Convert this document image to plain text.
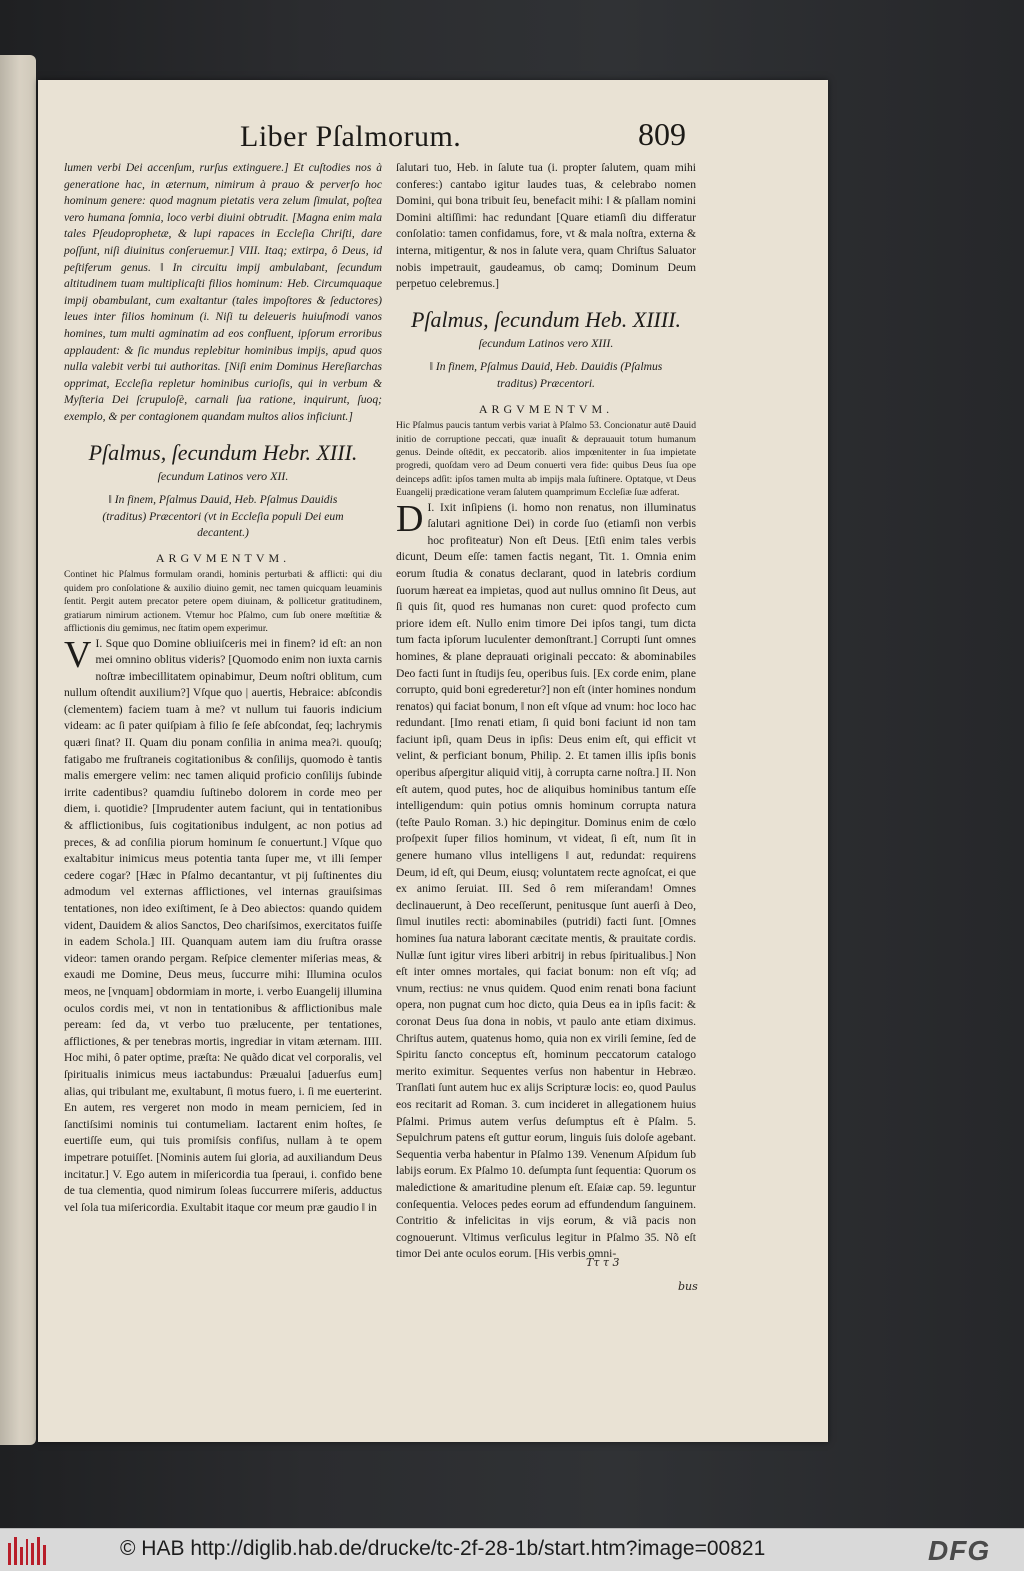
Liber Pſalmorum.	809

lumen verbi Dei accenſum, rurſus extinguere.] Et cuſtodies nos à generatione hac, in æternum, nimirum à prauo & perverſo hoc hominum genere: quod magnum pietatis vera zelum ſimulat, poſtea vero humana ſomnia, loco verbi diuini obtrudit. [Magna enim mala tales Pſeudoprophetæ, & lupi rapaces in Eccleſia Chriſti, dare poſſunt, niſi diuinitus conſeruemur.] VIII. Itaq; extirpa, ô Deus, id peſtiferum genus. ‖ In circuitu impij ambulabant, ſecundum altitudinem tuam multiplicaſti filios hominum: Heb. Circumquaque impij obambulant, cum exaltantur (tales impoſtores & ſeductores) leues inter filios hominum (i. Niſi tu deleueris huiuſmodi vanos homines, tum multi agminatim ad eos confluent, ipſorum erroribus applaudent: & ſic mundus replebitur hominibus impijs, apud quos nulla valebit verbi tui authoritas. [Niſi enim Dominus Hereſiarchas opprimat, Eccleſia repletur hominibus curioſis, qui in verbum & Myſteria Dei ſcrupuloſè, carnali ſua ratione, inquirunt, ſuoq; exemplo, & per contagionem quandam multos alios inficiunt.]

Pſalmus, ſecundum Hebr. XIII.
ſecundum Latinos vero XII.
‖ In finem, Pſalmus Dauid, Heb. Pſalmus Dauidis (traditus) Præcentori (vt in Eccleſia populi Dei eum decantent.)
ARGVMENTVM.

Continet hic Pſalmus formulam orandi, hominis perturbati & afflicti: qui diu quidem pro conſolatione & auxilio diuino gemit, nec tamen quicquam leuaminis ſentit. Pergit autem precator petere opem diuinam, & pollicetur gratitudinem, gratiarum nimirum actionem. Vtemur hoc Pſalmo, cum ſub onere mœſtitiæ & afflictionis diu gemimus, nec ſtatim opem experimur.

I.
V Sque quo Domine obliuiſceris mei in finem? id eſt: an non mei omnino oblitus videris? [Quomodo enim non iuxta carnis noſtræ imbecillitatem opinabimur, Deum noſtri oblitum, cum nullum oſtendit auxilium?] Vſque quo | auertis, Hebraice: abſcondis (clementem) faciem tuam à me? vt nullum tui fauoris indicium videam: ac ſi pater quiſpiam à filio ſe ſeſe abſcondat, ſeq; lachrymis quæri ſinat? II. Quam diu ponam conſilia in anima mea?i. quouſq; fatigabo me fruſtraneis cogitationibus & conſilijs, quomodo è tantis malis emergere velim: nec tamen aliquid proficio conſilijs ſubinde irrite cadentibus? quamdiu ſuſtinebo dolorem in corde meo per diem, i. quotidie? [Imprudenter autem faciunt, qui in tentationibus & afflictionibus, ſuis cogitationibus indulgent, ac non potius ad preces, & ad conſilia piorum hominum ſe conuertunt.] Vſque quo exaltabitur inimicus meus potentia tanta ſuper me, vt illi ſemper cedere cogar? [Hæc in Pſalmo decantantur, vt pij ſuſtinentes diu admodum vel externas afflictiones, vel internas grauiſsimas tentationes, non ideo exiſtiment, ſe à Deo abiectos: quando quidem vident, Dauidem & alios Sanctos, Deo chariſsimos, exercitatos fuiſſe in eadem Schola.] III. Quanquam autem iam diu ſruſtra orasse videor: tamen orando pergam. Reſpice clementer miſerias meas, & exaudi me Domine, Deus meus, ſuccurre mihi: Illumina oculos meos, ne [vnquam] obdormiam in morte, i. verbo Euangelij illumina oculos cordis mei, vt non in tentationibus & afflictionibus male peream: ſed da, vt verbo tuo prælucente, per tentationes, afflictiones, & per tenebras mortis, ingrediar in vitam æternam. IIII. Hoc mihi, ô pater optime, præſta: Ne quãdo dicat vel corporalis, vel ſpiritualis inimicus meus iactabundus: Præualui [aduerſus eum] alias, qui tribulant me, exultabunt, ſi motus fuero, i. ſi me euerterint. En autem, res vergeret non modo in meam perniciem, ſed in ſanctiſsimi nominis tui contumeliam. Iactarent enim hoſtes, ſe euertiſſe eum, qui tuis promiſsis confiſus, nullam à te opem impetrare potuiſſet. [Nominis autem ſui gloria, ad auxiliandum Deus incitatur.] V. Ego autem in miſericordia tua ſperaui, i. confido bene de tua clementia, quod nimirum ſoleas ſuccurrere miſeris, adductus vel ſola tua miſericordia. Exultabit itaque cor meum præ gaudio ‖ in

ſalutari tuo, Heb. in ſalute tua (i. propter ſalutem, quam mihi conferes:) cantabo igitur laudes tuas, & celebrabo nomen Domini, qui bona tribuit ſeu, benefacit mihi: ‖ & pſallam nomini Domini altiſſimi: hac redundant [Quare etiamſi diu differatur conſolatio: tamen confidamus, fore, vt & mala noſtra, externa & interna, mitigentur, & nos in ſalute vera, quam Chriſtus Saluator nobis impetrauit, gaudeamus, ob camq; Dominum Deum perpetuo celebremus.]

Pſalmus, ſecundum Heb. XIIII.
ſecundum Latinos vero XIII.
‖ In finem, Pſalmus Dauid, Heb. Dauidis (Pſalmus traditus) Præcentori.
ARGVMENTVM.

Hic Pſalmus paucis tantum verbis variat à Pſalmo 53. Concionatur autē Dauid initio de corruptione peccati, quæ inuaſit & deprauauit totum humanum genus. Deinde oſtēdit, ex peccatorib. alios impœnitenter in ſua impietate progredi, quoſdam vero ad Deum conuerti vera fide: quibus Deus ſua ope deinceps adſit: ipſos tamen multa ab impijs mala ſuſtinere. Optatque, vt Deus Euangelij prædicatione veram ſalutem quamprimum Eccleſiæ ſuæ adferat.

I.
D Ixit inſipiens (i. homo non renatus, non illuminatus ſalutari agnitione Dei) in corde ſuo (etiamſi non verbis hoc profiteatur) Non eſt Deus. [Etſi enim tales verbis dicunt, Deum eſſe: tamen factis negant, Tit. 1. Omnia enim eorum ſtudia & conatus declarant, quod in latebris cordium ſuorum hæreat ea impietas, quod aut nullus omnino ſit Deus, aut ſi quis ſit, quod res humanas non curet: quod profecto cum priore idem eſt. Nullo enim timore Dei ipſos tangi, tum dicta tum facta ipſorum luculenter demonſtrant.] Corrupti ſunt omnes homines, & plane deprauati originali peccato: & abominabiles Deo facti ſunt in ſtudijs ſeu, operibus ſuis. [Ex corde enim, plane corrupto, quid boni egrederetur?] non eſt (inter homines nondum renatos) qui faciat bonum, ‖ non eſt vſque ad vnum: hoc loco hac redundant. [Imo renati etiam, ſi quid boni faciunt id non tam faciunt ipſi, quam Deus in ipſis: Deus enim eſt, qui efficit vt velint, & perficiant bonum, Philip. 2. Et tamen illis ipſis bonis operibus aſpergitur aliquid vitij, à corrupta carne noſtra.] II. Non eſt autem, quod putes, hoc de aliquibus hominibus tantum eſſe intelligendum: quin potius omnis hominum corrupta natura (teſte Paulo Roman. 3.) hic depingitur. Dominus enim de cœlo proſpexit ſuper filios hominum, vt videat, ſi eſt, num ſit in genere humano vllus intelligens ‖ aut, redundat: requirens Deum, id eſt, qui Deum, eiusq; voluntatem recte agnoſcat, ei que ex animo ſeruiat. III. Sed ô rem miſerandam! Omnes declinauerunt, à Deo receſſerunt, penitusque ſunt auerſi à Deo, ſimul inutiles recti: abominabiles (putridi) facti ſunt. [Omnes homines ſua natura laborant cæcitate mentis, & prauitate cordis. Nullæ ſunt igitur vires liberi arbitrij in rebus ſpiritualibus.] Non eſt inter omnes mortales, qui faciat bonum: non eſt vſq; ad vnum, rectius: ne vnus quidem. Quod enim renati bona faciunt opera, non pugnat cum hoc dicto, quia Deus ea in ipſis facit: & coronat Deus ſua dona in nobis, vt paulo ante etiam diximus. Chriſtus autem, quatenus homo, quia non ex virili ſemine, ſed de Spiritu ſancto conceptus eſt, hominum peccatorum catalogo merito eximitur. Sequentes verſus non habentur in Hebræo. Tranſlati ſunt autem huc ex alijs Scripturæ locis: eo, quod Paulus eos recitarit ad Roman. 3. cum incideret in allegationem huius Pſalmi. Primus autem verſus deſumptus eſt è Pſalm. 5. Sepulchrum patens eſt guttur eorum, linguis ſuis doloſe agebant. Sequentia verba habentur in Pſalmo 139. Venenum Aſpidum ſub labijs eorum. Ex Pſalmo 10. deſumpta ſunt ſequentia: Quorum os maledictione & amaritudine plenum eſt. Eſaiæ cap. 59. leguntur conſequentia. Veloces pedes eorum ad effundendum ſanguinem. Contritio & infelicitas in vijs eorum, & viã pacis non cognouerunt. Vltimus verſiculus legitur in Pſalmo 35. Nõ eſt timor Dei ante oculos eorum. [His verbis omni-

Tτ τ 3
bus
© HAB http://diglib.hab.de/drucke/tc-2f-28-1b/start.htm?image=00821	DFG
